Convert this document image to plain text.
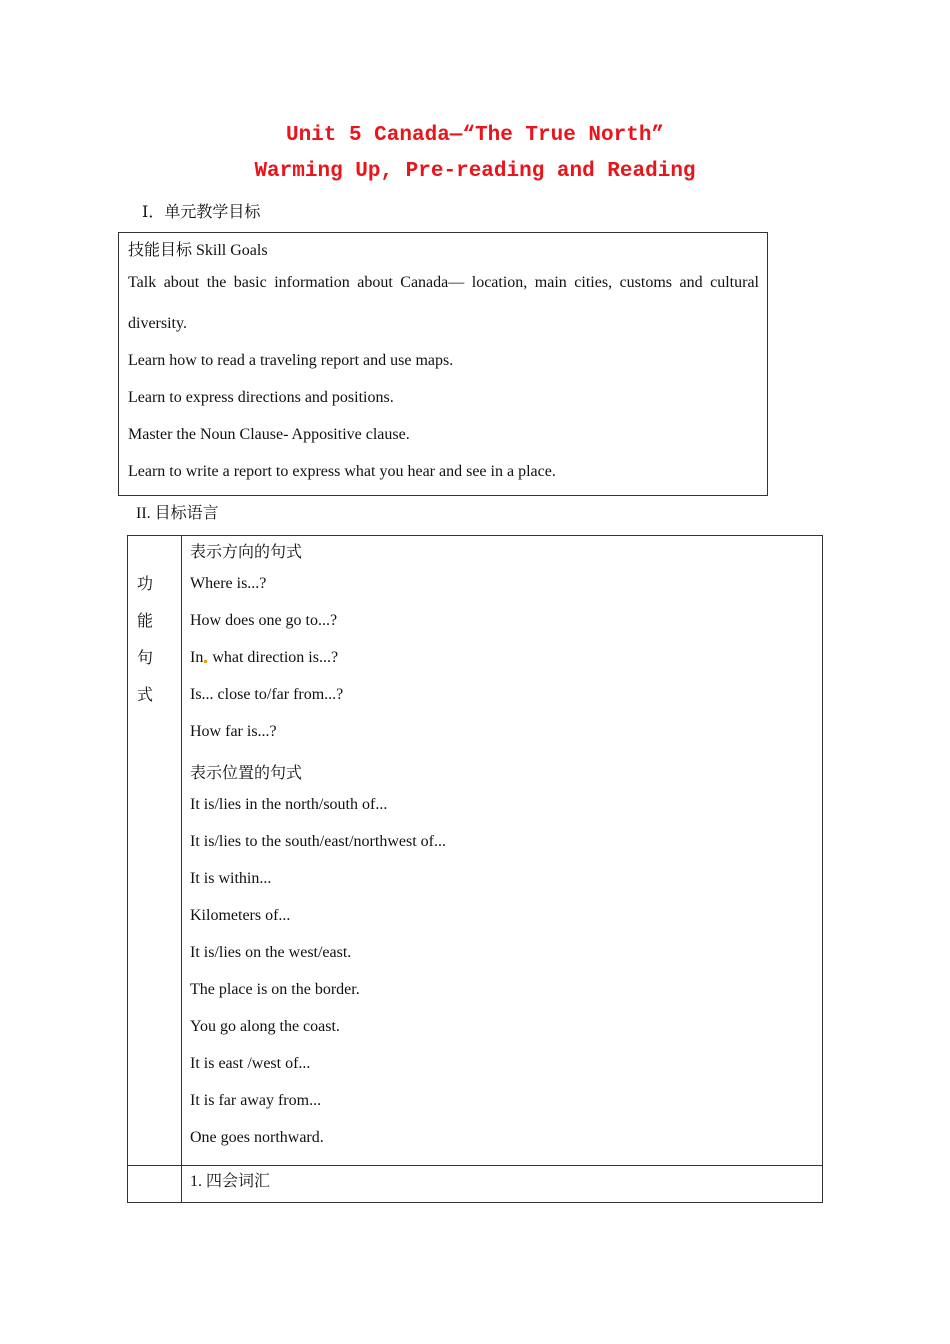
Unit 5 Canada—“The True North”
Warming Up, Pre-reading and Reading
Ⅰ．单元教学目标
技能目标 Skill Goals
Talk about the basic information about Canada— location, main cities, customs and cultural
diversity.
Learn how to read a traveling report and use maps.
Learn to express directions and positions.
Master the Noun Clause- Appositive clause.
Learn to write a report to express what you hear and see in a place.
II. 目标语言
功
能
句
式
表示方向的句式
Where is...?
How does one go to...?
In what direction is...?
Is... close to/far from...?
How far is...?
表示位置的句式
It is/lies in the north/south of...
It is/lies to the south/east/northwest of...
It is within...
Kilometers of...
It is/lies on the west/east.
The place is on the border.
You go along the coast.
It is east /west of...
It is far away from...
One goes northward.
1. 四会词汇
